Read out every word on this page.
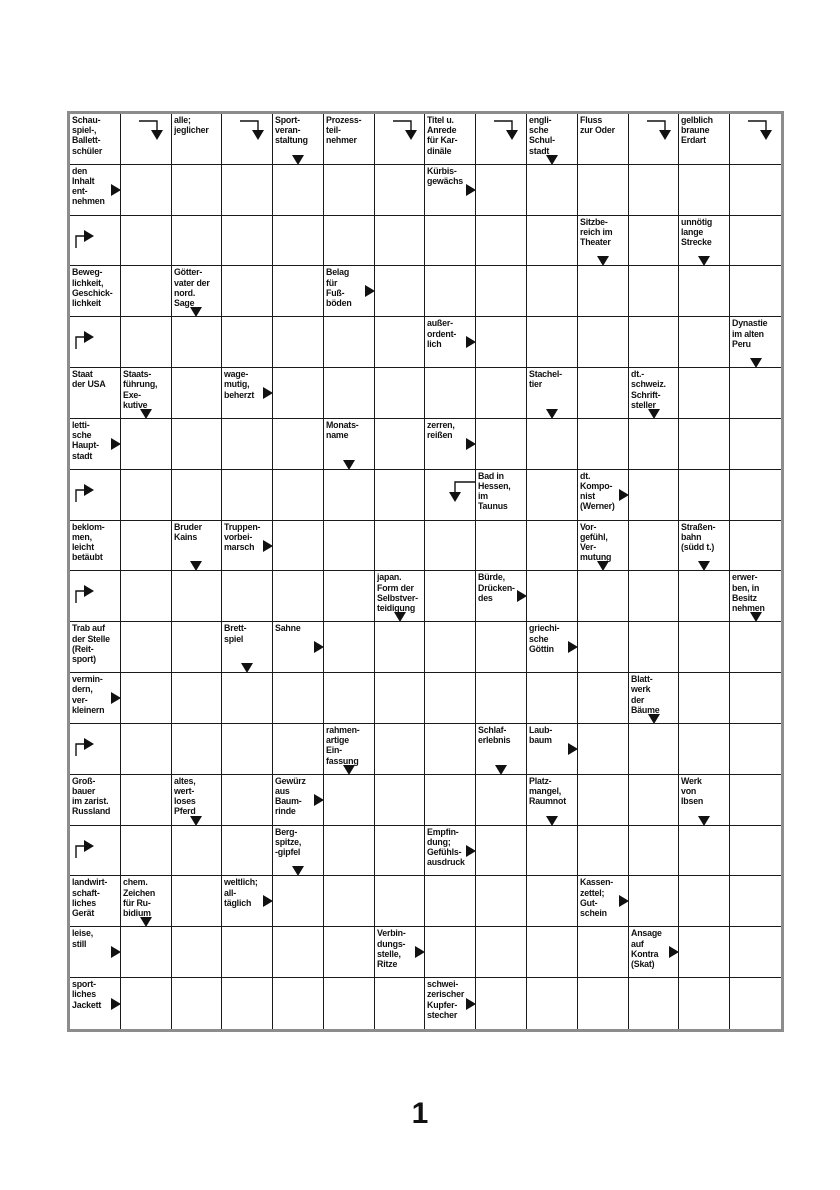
Schau-
spiel-,
Ballett-
schüler
alle;
jeglicher
Sport-
veran-
staltung
Prozess-
teil-
nehmer
Titel u.
Anrede
für Kar-
dinäle
engli-
sche
Schul-
stadt
Fluss
zur Oder
gelblich
braune
Erdart
den
Inhalt
ent-
nehmen
Kürbis-
gewächs
Sitzbe-
reich im
Theater
unnötig
lange
Strecke
Beweg-
lichkeit,
Geschick-
lichkeit
Götter-
vater der
nord.
Sage
Belag
für
Fuß-
böden
außer-
ordent-
lich
Dynastie
im alten
Peru
Staat
der USA
Staats-
führung,
Exe-
kutive
wage-
mutig,
beherzt
Stachel-
tier
dt.-
schweiz.
Schrift-
steller
letti-
sche
Haupt-
stadt
Monats-
name
zerren,
reißen
Bad in
Hessen,
im
Taunus
dt.
Kompo-
nist
(Werner)
beklom-
men,
leicht
betäubt
Bruder
Kains
Truppen-
vorbei-
marsch
Vor-
gefühl,
Ver-
mutung
Straßen-
bahn
(südd t.)
japan.
Form der
Selbstver-
teidigung
Bürde,
Drücken-
des
erwer-
ben, in
Besitz
nehmen
Trab auf
der Stelle
(Reit-
sport)
Brett-
spiel
Sahne	griechi-
sche
Göttin
vermin-
dern,
ver-
kleinern
Blatt-
werk
der
Bäume
rahmen-
artige
Ein-
fassung
Schlaf-
erlebnis
Laub-
baum
Groß-
bauer
im zarist.
Russland
altes,
wert-
loses
Pferd
Gewürz
aus
Baum-
rinde
Platz-
mangel,
Raumnot
Werk
von
Ibsen
Berg-
spitze,
-gipfel
Empfin-
dung;
Gefühls-
ausdruck
landwirt-
schaft-
liches
Gerät
chem.
Zeichen
für Ru-
bidium
weltlich;
all-
täglich
Kassen-
zettel;
Gut-
schein
leise,
still
Verbin-
dungs-
stelle,
Ritze
Ansage
auf
Kontra
(Skat)
sport-
liches
Jackett
schwei-
zerischer
Kupfer-
stecher
1
